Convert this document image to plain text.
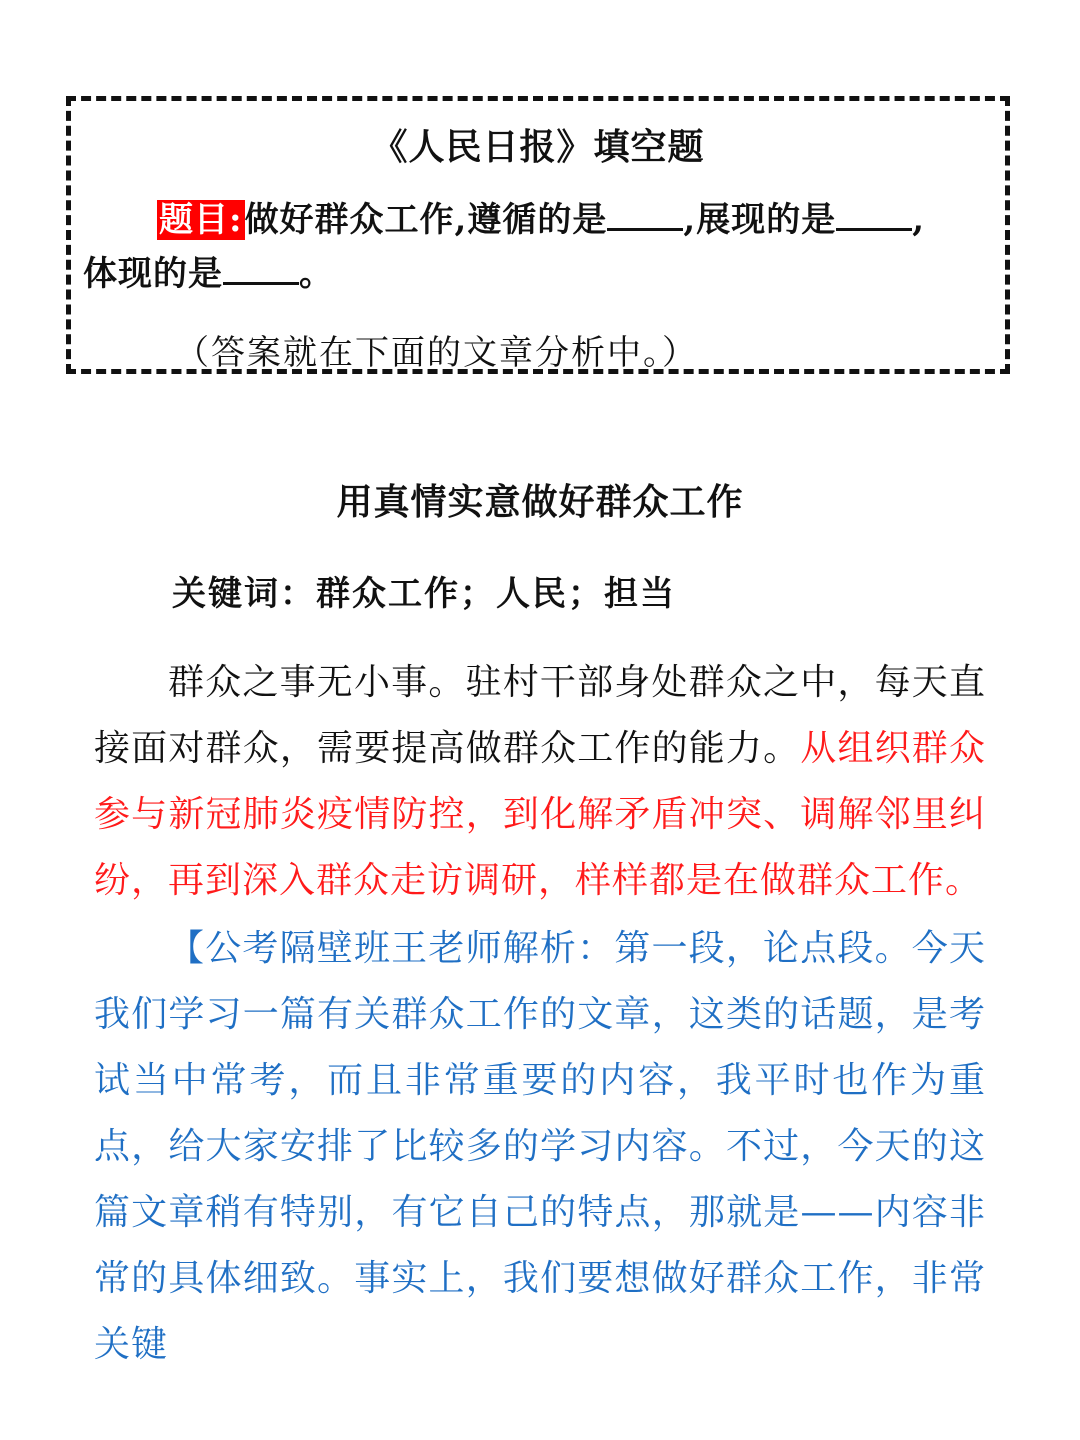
《人民日报》填空题
题目:做好群众工作,遵循的是 ,展现的是 ,
体现的是 。
（答案就在下面的文章分析中。）
用真情实意做好群众工作
关键词：群众工作；人民；担当
群众之事无小事。驻村干部身处群众之中，每天直接面对群众，需要提高做群众工作的能力。从组织群众参与新冠肺炎疫情防控，到化解矛盾冲突、调解邻里纠纷，再到深入群众走访调研，样样都是在做群众工作。
【公考隔壁班王老师解析：第一段，论点段。今天我们学习一篇有关群众工作的文章，这类的话题，是考试当中常考，而且非常重要的内容，我平时也作为重点，给大家安排了比较多的学习内容。不过，今天的这篇文章稍有特别，有它自己的特点，那就是——内容非常的具体细致。事实上，我们要想做好群众工作，非常关键
